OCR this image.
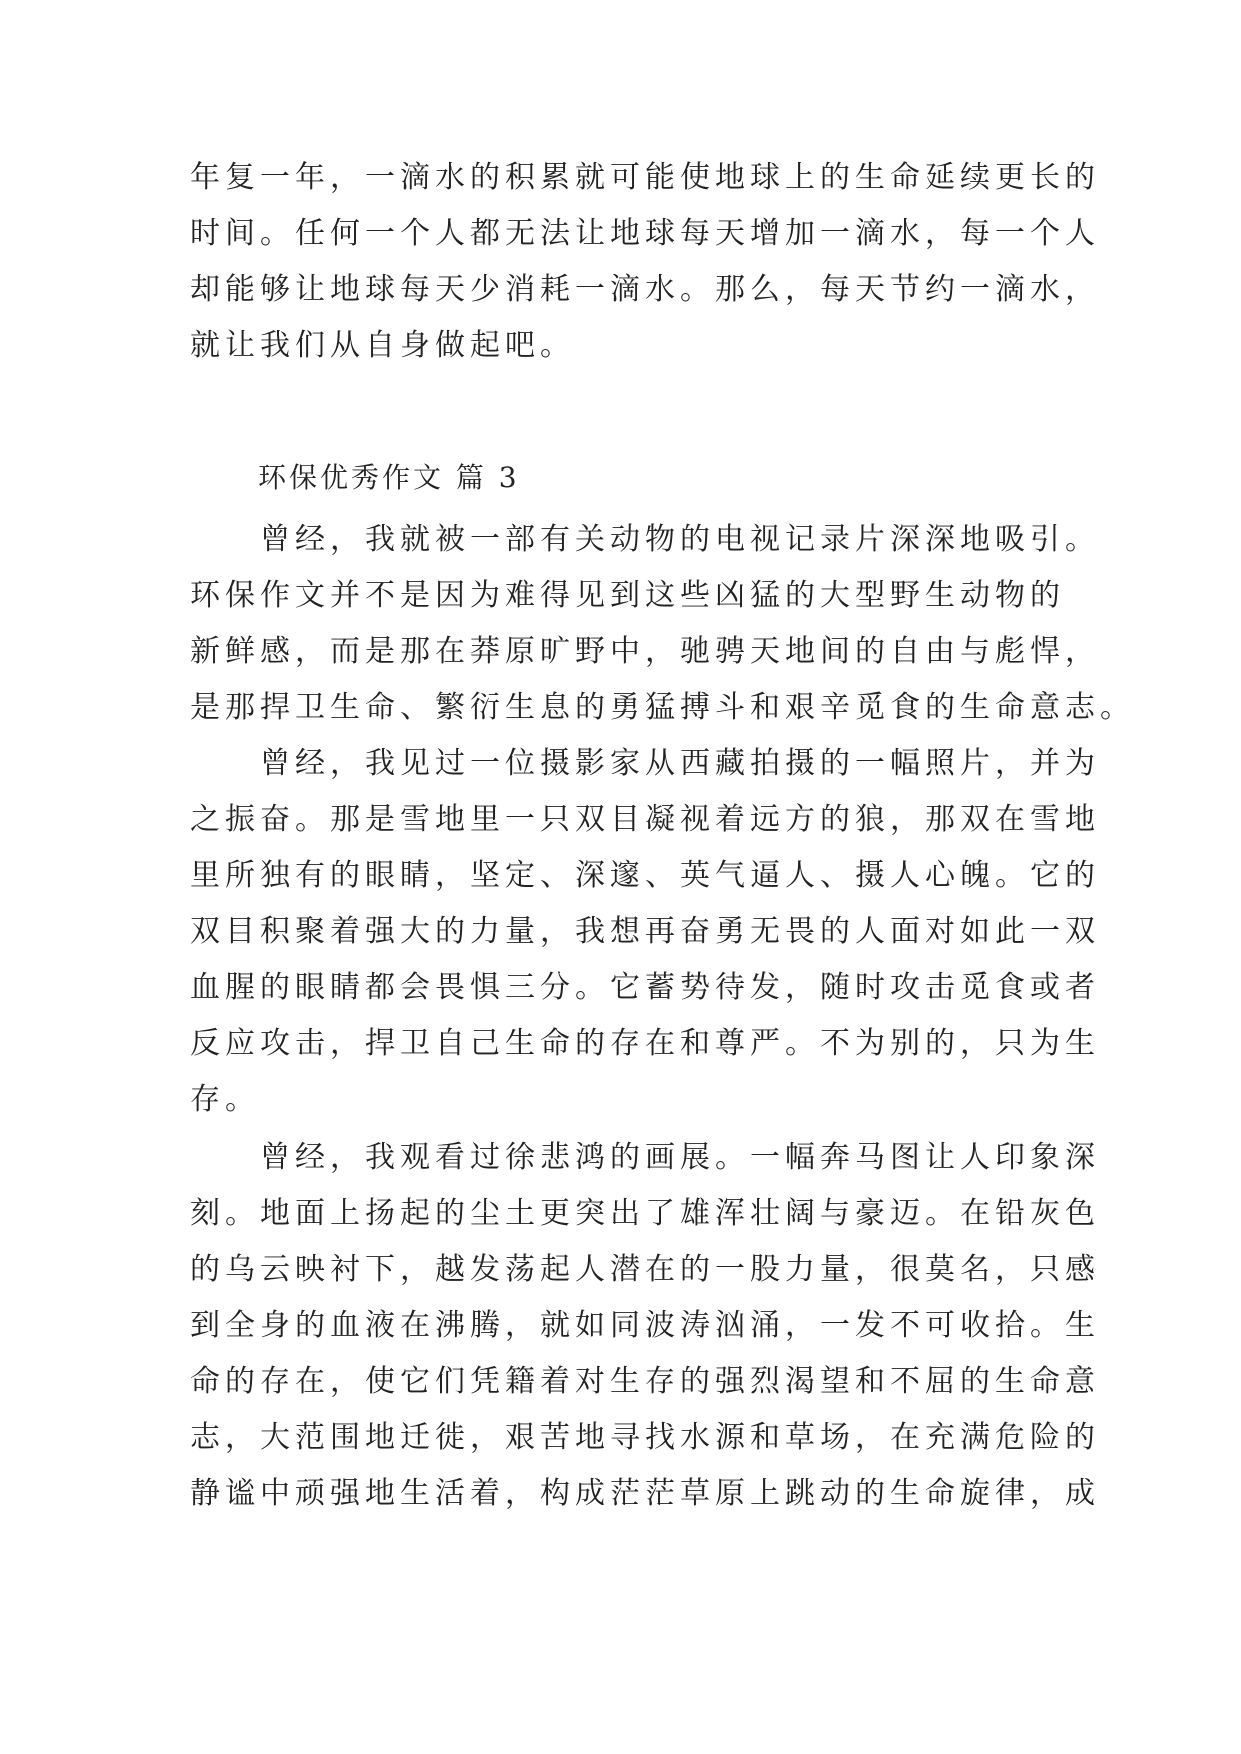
年复一年，一滴水的积累就可能使地球上的生命延续更长的
时间。任何一个人都无法让地球每天增加一滴水，每一个人
却能够让地球每天少消耗一滴水。那么，每天节约一滴水，
就让我们从自身做起吧。
环保优秀作文 篇 3
曾经，我就被一部有关动物的电视记录片深深地吸引。
环保作文并不是因为难得见到这些凶猛的大型野生动物的
新鲜感，而是那在莽原旷野中，驰骋天地间的自由与彪悍，
是那捍卫生命、繁衍生息的勇猛搏斗和艰辛觅食的生命意志。
曾经，我见过一位摄影家从西藏拍摄的一幅照片，并为
之振奋。那是雪地里一只双目凝视着远方的狼，那双在雪地
里所独有的眼睛，坚定、深邃、英气逼人、摄人心魄。它的
双目积聚着强大的力量，我想再奋勇无畏的人面对如此一双
血腥的眼睛都会畏惧三分。它蓄势待发，随时攻击觅食或者
反应攻击，捍卫自己生命的存在和尊严。不为别的，只为生
存。
曾经，我观看过徐悲鸿的画展。一幅奔马图让人印象深
刻。地面上扬起的尘土更突出了雄浑壮阔与豪迈。在铅灰色
的乌云映衬下，越发荡起人潜在的一股力量，很莫名，只感
到全身的血液在沸腾，就如同波涛汹涌，一发不可收拾。生
命的存在，使它们凭籍着对生存的强烈渴望和不屈的生命意
志，大范围地迁徙，艰苦地寻找水源和草场，在充满危险的
静谧中顽强地生活着，构成茫茫草原上跳动的生命旋律，成
